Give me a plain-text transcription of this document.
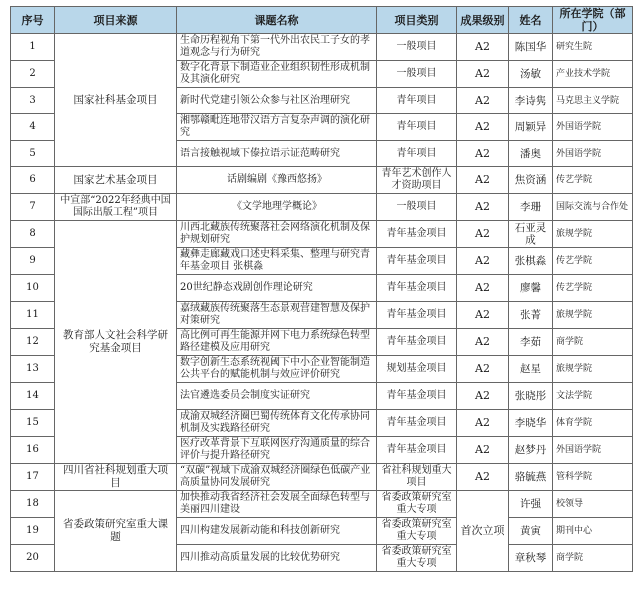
序号	项目来源	课题名称	项目类别	成果级别	姓名	所在学院（部门）
1	国家社科基金项目	生命历程视角下第一代外出农民工子女的孝道观念与行为研究	一般项目	A2	陈国华	研究生院
2		数字化背景下制造业企业组织韧性形成机制及其演化研究	一般项目	A2	汤敏	产业技术学院
3		新时代党建引领公众参与社区治理研究	青年项目	A2	李诗隽	马克思主义学院
4		湘鄂赣毗连地带汉语方言复杂声调的演化研究	青年项目	A2	周颖异	外国语学院
5		语言接触视域下傣拉语示证范畴研究	青年项目	A2	潘奥	外国语学院
6	国家艺术基金项目	话剧编剧《豫西悠扬》	青年艺术创作人才资助项目	A2	焦资涵	传艺学院
7	中宣部“2022年经典中国国际出版工程”项目	《文学地理学概论》	一般项目	A2	李珊	国际交流与合作处
8	教育部人文社会科学研究基金项目	川西北藏族传统聚落社会网络演化机制及保护规划研究	青年基金项目	A2	石亚灵成	旅规学院
9		藏彝走廊藏戏口述史料采集、整理与研究青年基金项目 张棋淼	青年基金项目	A2	张棋淼	传艺学院
10		20世纪静态戏剧创作理论研究	青年基金项目	A2	廖馨	传艺学院
11		嘉绒藏族传统聚落生态景观营建智慧及保护对策研究	青年基金项目	A2	张菁	旅规学院
12		高比例可再生能源并网下电力系统绿色转型路径建模及应用研究	青年基金项目	A2	李茹	商学院
13		数字创新生态系统视阈下中小企业智能制造公共平台的赋能机制与效应评价研究	规划基金项目	A2	赵星	旅规学院
14		法官遴选委员会制度实证研究	青年基金项目	A2	张晓彤	文法学院
15		成渝双城经济圈巴蜀传统体育文化传承协同机制及实践路径研究	青年基金项目	A2	李晓华	体育学院
16		医疗改革背景下互联网医疗沟通质量的综合评价与提升路径研究	青年基金项目	A2	赵梦丹	外国语学院
17	四川省社科规划重大项目	“双碳”视域下成渝双城经济圈绿色低碳产业高质量协同发展研究	省社科规划重大项目	A2	骆毓燕	管科学院
18	省委政策研究室重大课题	加快推动我省经济社会发展全面绿色转型与美丽四川建设	省委政策研究室重大专项	首次立项	许强	校领导
19		四川构建发展新动能和科技创新研究	省委政策研究室重大专项		黄寅	期刊中心
20		四川推动高质量发展的比较优势研究	省委政策研究室重大专项		章秋琴	商学院
